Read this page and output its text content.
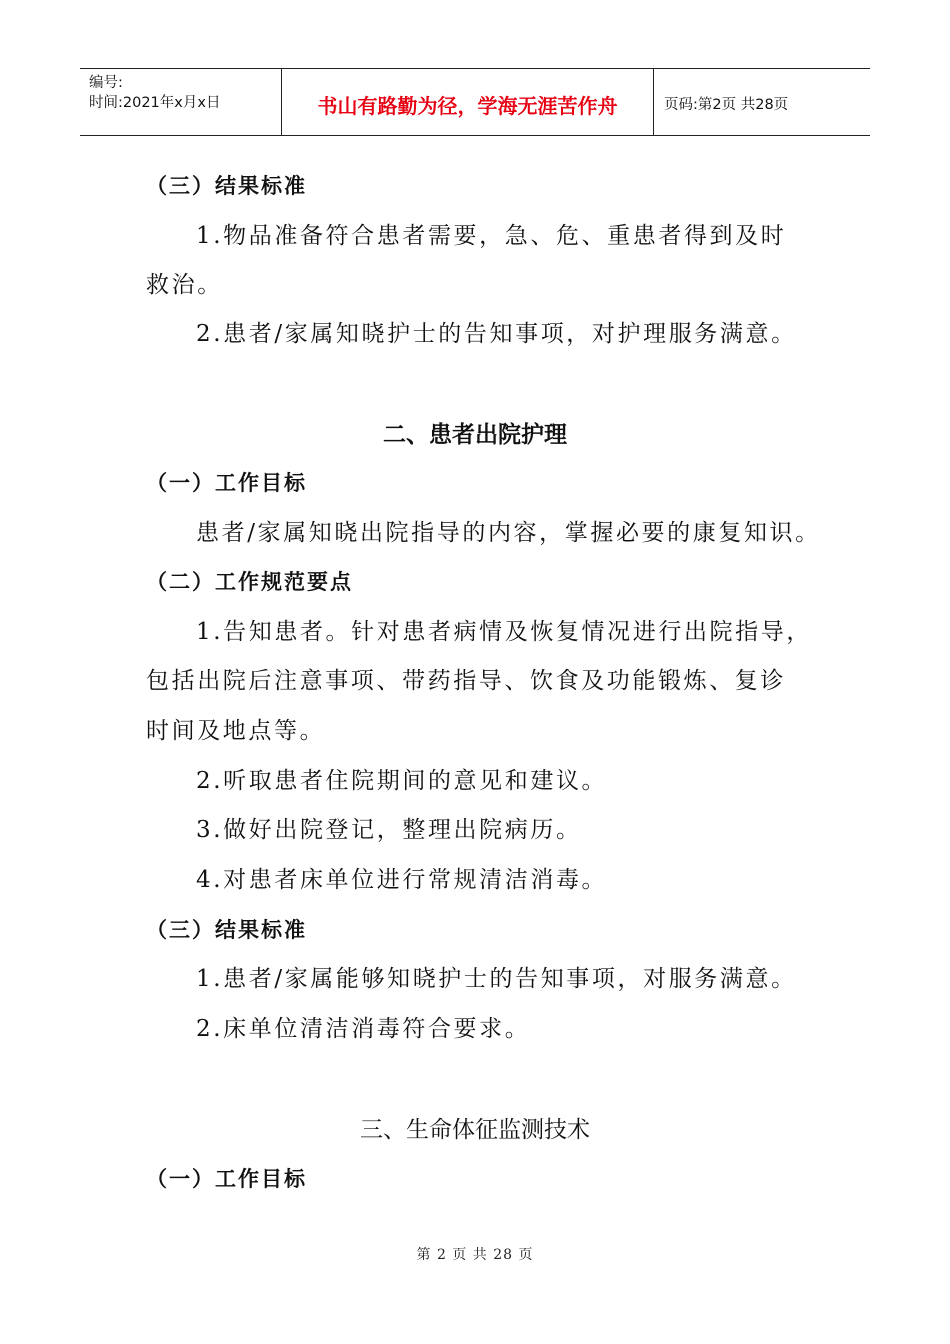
编号:
时间:2021年x月x日	书山有路勤为径，学海无涯苦作舟	页码:第2页 共28页
（三）结果标准
1.物品准备符合患者需要，急、危、重患者得到及时
救治。
2.患者/家属知晓护士的告知事项，对护理服务满意。
二、患者出院护理
（一）工作目标
患者/家属知晓出院指导的内容，掌握必要的康复知识。
（二）工作规范要点
1.告知患者。针对患者病情及恢复情况进行出院指导，
包括出院后注意事项、带药指导、饮食及功能锻炼、复诊
时间及地点等。
2.听取患者住院期间的意见和建议。
3.做好出院登记，整理出院病历。
4.对患者床单位进行常规清洁消毒。
（三）结果标准
1.患者/家属能够知晓护士的告知事项，对服务满意。
2.床单位清洁消毒符合要求。
三、生命体征监测技术
（一）工作目标
第 2 页 共 28 页
